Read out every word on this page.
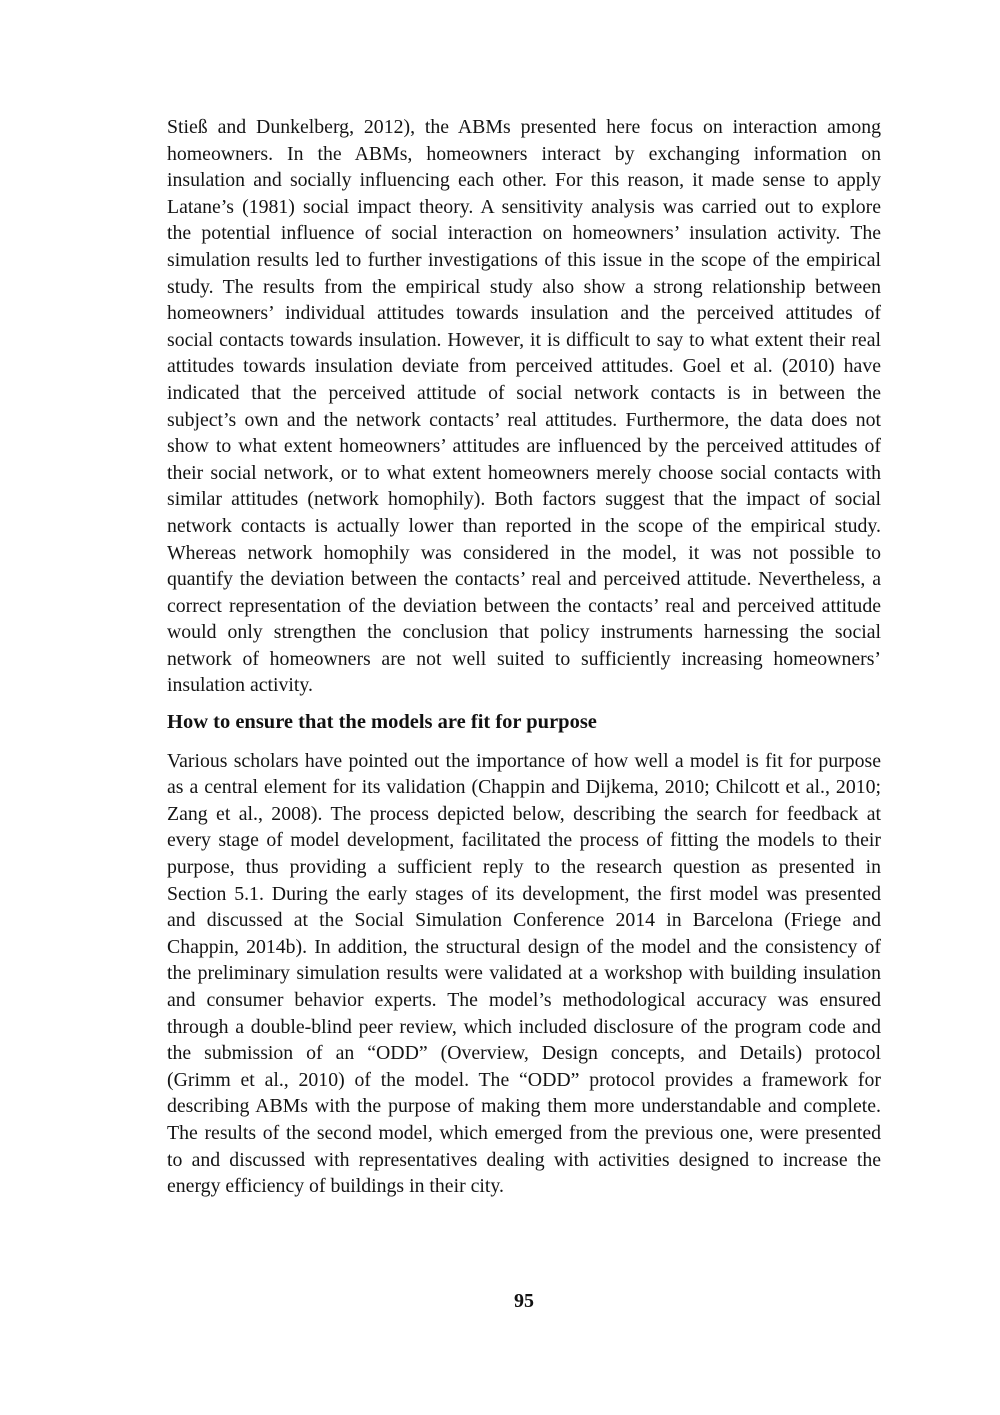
Stieß and Dunkelberg, 2012), the ABMs presented here focus on interaction among
homeowners. In the ABMs, homeowners interact by exchanging information on
insulation and socially influencing each other. For this reason, it made sense to apply
Latane’s (1981) social impact theory. A sensitivity analysis was carried out to explore
the potential influence of social interaction on homeowners’ insulation activity. The
simulation results led to further investigations of this issue in the scope of the empirical
study. The results from the empirical study also show a strong relationship between
homeowners’ individual attitudes towards insulation and the perceived attitudes of
social contacts towards insulation. However, it is difficult to say to what extent their real
attitudes towards insulation deviate from perceived attitudes. Goel et al. (2010) have
indicated that the perceived attitude of social network contacts is in between the
subject’s own and the network contacts’ real attitudes. Furthermore, the data does not
show to what extent homeowners’ attitudes are influenced by the perceived attitudes of
their social network, or to what extent homeowners merely choose social contacts with
similar attitudes (network homophily). Both factors suggest that the impact of social
network contacts is actually lower than reported in the scope of the empirical study.
Whereas network homophily was considered in the model, it was not possible to
quantify the deviation between the contacts’ real and perceived attitude. Nevertheless, a
correct representation of the deviation between the contacts’ real and perceived attitude
would only strengthen the conclusion that policy instruments harnessing the social
network of homeowners are not well suited to sufficiently increasing homeowners’
insulation activity.
How to ensure that the models are fit for purpose
Various scholars have pointed out the importance of how well a model is fit for purpose
as a central element for its validation (Chappin and Dijkema, 2010; Chilcott et al., 2010;
Zang et al., 2008). The process depicted below, describing the search for feedback at
every stage of model development, facilitated the process of fitting the models to their
purpose, thus providing a sufficient reply to the research question as presented in
Section 5.1. During the early stages of its development, the first model was presented
and discussed at the Social Simulation Conference 2014 in Barcelona (Friege and
Chappin, 2014b). In addition, the structural design of the model and the consistency of
the preliminary simulation results were validated at a workshop with building insulation
and consumer behavior experts. The model’s methodological accuracy was ensured
through a double-blind peer review, which included disclosure of the program code and
the submission of an “ODD” (Overview, Design concepts, and Details) protocol
(Grimm et al., 2010) of the model. The “ODD” protocol provides a framework for
describing ABMs with the purpose of making them more understandable and complete.
The results of the second model, which emerged from the previous one, were presented
to and discussed with representatives dealing with activities designed to increase the
energy efficiency of buildings in their city.
95
